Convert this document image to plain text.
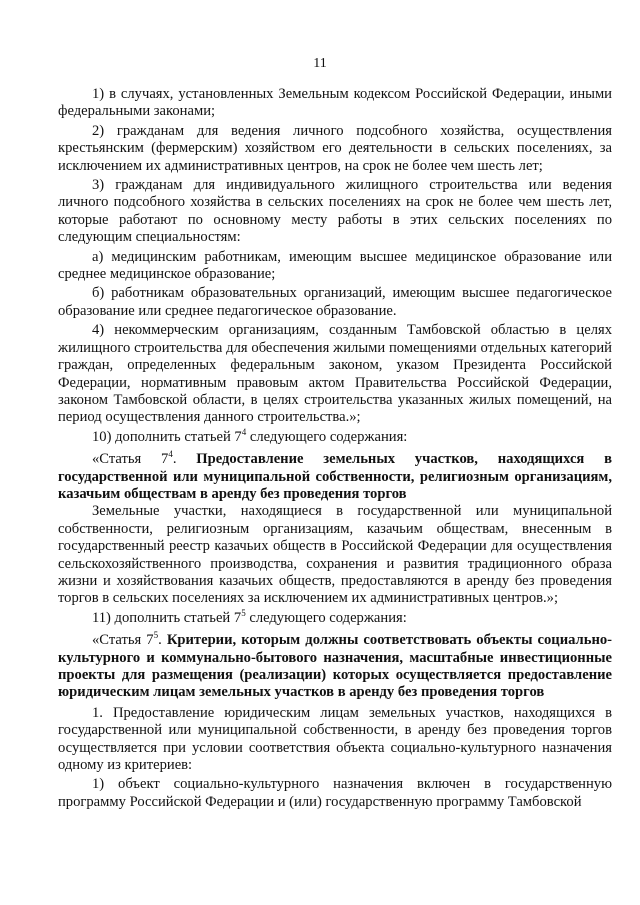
11

1) в случаях, установленных Земельным кодексом Российской Федерации, иными федеральными законами;

2) гражданам для ведения личного подсобного хозяйства, осуществления крестьянским (фермерским) хозяйством его деятельности в сельских поселениях, за исключением их административных центров, на срок не более чем шесть лет;

3) гражданам для индивидуального жилищного строительства или ведения личного подсобного хозяйства в сельских поселениях на срок не более чем шесть лет, которые работают по основному месту работы в этих сельских поселениях по следующим специальностям:

а) медицинским работникам, имеющим высшее медицинское образование или среднее медицинское образование;

б) работникам образовательных организаций, имеющим высшее педагогическое образование или среднее педагогическое образование.

4) некоммерческим организациям, созданным Тамбовской областью в целях жилищного строительства для обеспечения жилыми помещениями отдельных категорий граждан, определенных федеральным законом, указом Президента Российской Федерации, нормативным правовым актом Правительства Российской Федерации, законом Тамбовской области, в целях строительства указанных жилых помещений, на период осуществления данного строительства.»;

10) дополнить статьей $7^4$ следующего содержания:

«Статья $7^4$. Предоставление земельных участков, находящихся в государственной или муниципальной собственности, религиозным организациям, казачьим обществам в аренду без проведения торгов

Земельные участки, находящиеся в государственной или муниципальной собственности, религиозным организациям, казачьим обществам, внесенным в государственный реестр казачьих обществ в Российской Федерации для осуществления сельскохозяйственного производства, сохранения и развития традиционного образа жизни и хозяйствования казачьих обществ, предоставляются в аренду без проведения торгов в сельских поселениях за исключением их административных центров.»;

11) дополнить статьей $7^5$ следующего содержания:

«Статья $7^5$. Критерии, которым должны соответствовать объекты социально-культурного и коммунально-бытового назначения, масштабные инвестиционные проекты для размещения (реализации) которых осуществляется предоставление юридическим лицам земельных участков в аренду без проведения торгов

1. Предоставление юридическим лицам земельных участков, находящихся в государственной или муниципальной собственности, в аренду без проведения торгов осуществляется при условии соответствия объекта социально-культурного назначения одному из критериев:

1) объект социально-культурного назначения включен в государственную программу Российской Федерации и (или) государственную программу Тамбовской
